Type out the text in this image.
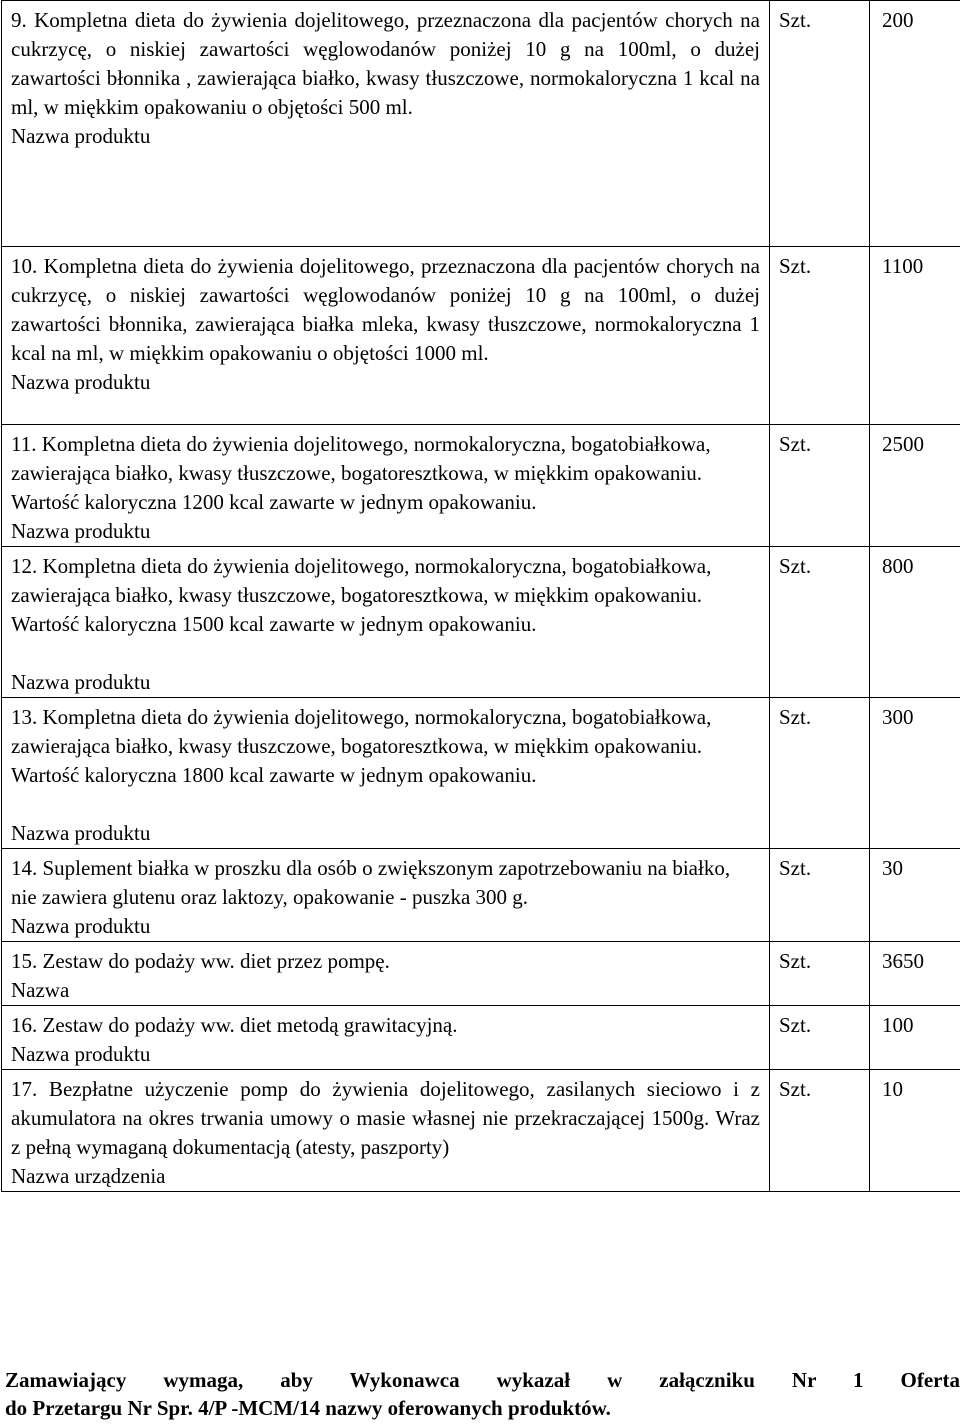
9. Kompletna dieta do żywienia dojelitowego, przeznaczona dla pacjentów chorych na cukrzycę, o niskiej zawartości węglowodanów poniżej 10 g na 100ml, o dużej zawartości błonnika , zawierająca białko, kwasy tłuszczowe, normokaloryczna 1 kcal na ml, w miękkim opakowaniu o objętości 500 ml.
Nazwa produktu	Szt.	200

10. Kompletna dieta do żywienia dojelitowego, przeznaczona dla pacjentów chorych na cukrzycę, o niskiej zawartości węglowodanów poniżej 10 g na 100ml, o dużej zawartości błonnika, zawierająca białka mleka, kwasy tłuszczowe, normokaloryczna 1 kcal na ml, w miękkim opakowaniu o objętości 1000 ml.
Nazwa produktu	Szt.	1100

11. Kompletna dieta do żywienia dojelitowego, normokaloryczna, bogatobiałkowa, zawierająca białko, kwasy tłuszczowe, bogatoresztkowa, w miękkim opakowaniu. Wartość kaloryczna 1200 kcal zawarte w jednym opakowaniu.
Nazwa produktu	Szt.	2500

12. Kompletna dieta do żywienia dojelitowego, normokaloryczna, bogatobiałkowa, zawierająca białko, kwasy tłuszczowe, bogatoresztkowa, w miękkim opakowaniu. Wartość kaloryczna 1500 kcal zawarte w jednym opakowaniu.
Nazwa produktu	Szt.	800

13. Kompletna dieta do żywienia dojelitowego, normokaloryczna, bogatobiałkowa, zawierająca białko, kwasy tłuszczowe, bogatoresztkowa, w miękkim opakowaniu. Wartość kaloryczna 1800 kcal zawarte w jednym opakowaniu.
Nazwa produktu	Szt.	300

14. Suplement białka w proszku dla osób o zwiększonym zapotrzebowaniu na białko, nie zawiera glutenu oraz laktozy, opakowanie - puszka 300 g.
Nazwa produktu	Szt.	30

15. Zestaw do podaży ww. diet przez pompę.
Nazwa	Szt.	3650

16. Zestaw do podaży ww. diet metodą grawitacyjną.
Nazwa produktu	Szt.	100

17. Bezpłatne użyczenie pomp do żywienia dojelitowego, zasilanych sieciowo i z akumulatora na okres trwania umowy o masie własnej nie przekraczającej 1500g. Wraz z pełną wymaganą dokumentacją (atesty, paszporty)
Nazwa urządzenia	Szt.	10
Zamawiający wymaga, aby Wykonawca wykazał w załączniku Nr 1 Oferta
do Przetargu Nr Spr. 4/P -MCM/14 nazwy oferowanych produktów.
